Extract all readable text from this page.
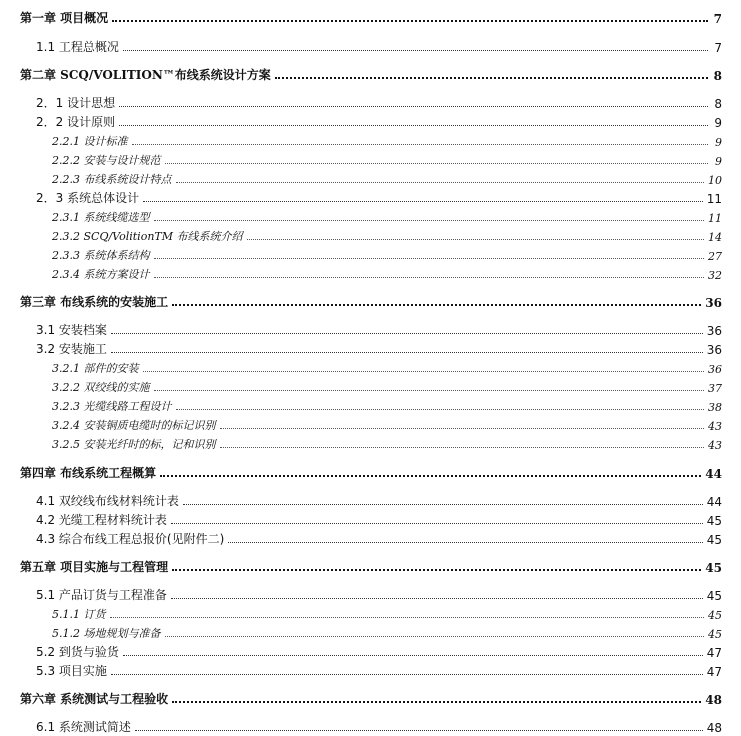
第一章 项目概况	7
1.1 工程总概况	7
第二章 SCQ/VOLITION™布线系统设计方案	8
2．1 设计思想	8
2．2 设计原则	9
2.2.1 设计标准	9
2.2.2 安装与设计规范	9
2.2.3 布线系统设计特点	10
2．3 系统总体设计	11
2.3.1 系统线缆选型	11
2.3.2 SCQ/VolitionTM 布线系统介绍	14
2.3.3 系统体系结构	27
2.3.4 系统方案设计	32
第三章 布线系统的安装施工	36
3.1 安装档案	36
3.2 安装施工	36
3.2.1 部件的安装	36
3.2.2 双绞线的实施	37
3.2.3 光缆线路工程设计	38
3.2.4 安装铜质电缆时的标记识别	43
3.2.5 安装光纤时的标，记和识别	43
第四章 布线系统工程概算	44
4.1 双绞线布线材料统计表	44
4.2 光缆工程材料统计表	45
4.3 综合布线工程总报价(见附件二)	45
第五章 项目实施与工程管理	45
5.1 产品订货与工程准备	45
5.1.1 订货	45
5.1.2 场地规划与准备	45
5.2 到货与验货	47
5.3 项目实施	47
第六章 系统测试与工程验收	48
6.1 系统测试简述	48
